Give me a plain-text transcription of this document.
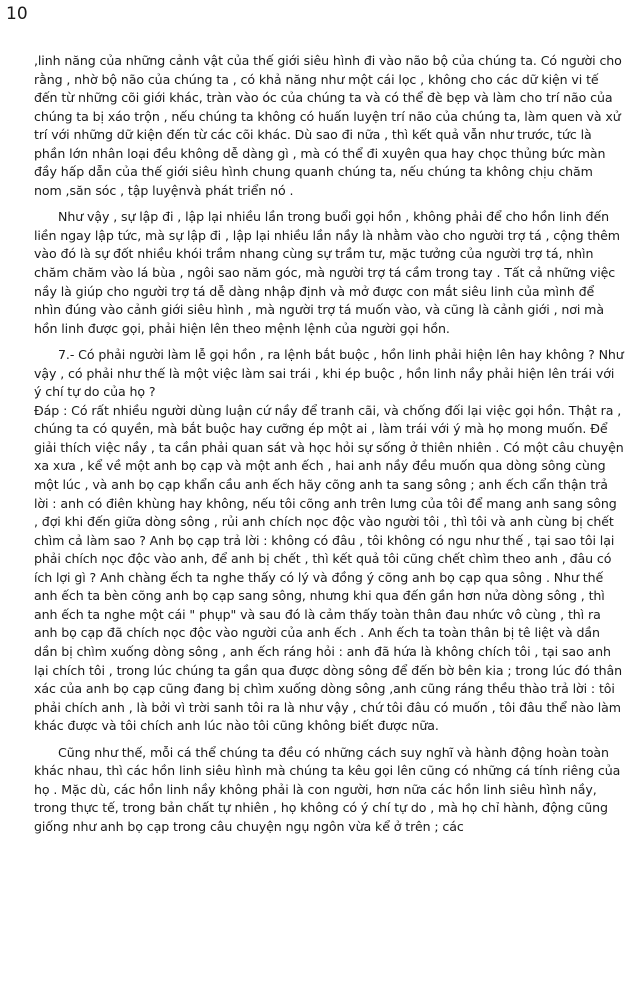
10

,linh năng của những cảnh vật của thế giới siêu hình đi vào não bộ của chúng ta. Có người cho rằng , nhờ bộ não của chúng ta , có khả năng như một cái lọc , không cho các dữ kiện vi tế đến từ những cõi giới khác, tràn vào óc của chúng ta và có thể đè bẹp và làm cho trí não của chúng ta bị xáo trộn , nếu chúng ta không có huấn luyện trí não của chúng ta, làm quen và xử trí với những dữ kiện đến từ các cõi khác. Dù sao đi nữa , thì kết quả vẫn như trước, tức là phần lớn nhân loại đều không dễ dàng gì , mà có thể đi xuyên qua hay chọc thủng bức màn đầy hấp dẫn của thế giới siêu hình chung quanh chúng ta, nếu chúng ta không chịu chăm nom ,săn sóc , tập luyệnvà phát triển nó .

Như vậy , sự lập đi , lập lại nhiều lần trong buổi gọi hồn , không phải để cho hồn linh đến liền ngay lập tức, mà sự lập đi , lập lại nhiều lần nầy là nhằm vào cho người trợ tá , cộng thêm vào đó là sự đốt nhiều khói trầm nhang cùng sự trầm tư, mặc tưởng của người trợ tá, nhìn chăm chăm vào lá bùa , ngôi sao năm góc, mà người trợ tá cầm trong tay . Tất cả những việc nầy là giúp cho người trợ tá dễ dàng nhập định và mở được con mắt siêu linh của mình để nhìn đúng vào cảnh giới siêu hình , mà người trợ tá muốn vào, và cũng là cảnh giới , nơi mà hồn linh được gọi, phải hiện lên theo mệnh lệnh của người gọi hồn.

7.- Có phải người làm lễ gọi hồn , ra lệnh bắt buộc , hồn linh phải hiện lên hay không ? Như vậy , có phải như thế là một việc làm sai trái , khi ép buộc , hồn linh nầy phải hiện lên trái với ý chí tự do của họ ?

Đáp : Có rất nhiều người dùng luận cứ nầy để tranh cãi, và chống đối lại việc gọi hồn. Thật ra , chúng ta có quyền, mà bắt buộc hay cưỡng ép một ai , làm trái với ý mà họ mong muốn. Để giải thích việc nầy , ta cần phải quan sát và học hỏi sự sống ở thiên nhiên . Có một câu chuyện xa xưa , kể về một anh bọ cạp và một anh ếch , hai anh nầy đều muốn qua dòng sông cùng một lúc , và anh bọ cạp khẩn cầu anh ếch hãy cõng anh ta sang sông ; anh ếch cẩn thận trả lời : anh có điên khùng hay không, nếu tôi cõng anh trên lưng của tôi để mang anh sang sông , đợi khi đến giữa dòng sông , rủi anh chích nọc độc vào người tôi , thì tôi và anh cùng bị chết chìm cả làm sao ? Anh bọ cạp trả lời : không có đâu , tôi không có ngu như thế , tại sao tôi lại phải chích nọc độc vào anh, để anh bị chết , thì kết quả tôi cũng chết chìm theo anh , đâu có ích lợi gì ? Anh chàng ếch ta nghe thấy có lý và đồng ý cõng anh bọ cạp qua sông . Như thế anh ếch ta bèn cõng anh bọ cạp sang sông, nhưng khi qua đến gần hơn nửa dòng sông , thì anh ếch ta nghe một cái " phụp" và sau đó là cảm thấy toàn thân đau nhức vô cùng , thì ra anh bọ cạp đã chích nọc độc vào người của anh ếch . Anh ếch ta toàn thân bị tê liệt và dần dần bị chìm xuống dòng sông , anh ếch ráng hỏi : anh đã hứa là không chích tôi , tại sao anh lại chích tôi , trong lúc chúng ta gần qua được dòng sông để đến bờ bên kia ; trong lúc đó thân xác của anh bọ cạp cũng đang bị chìm xuống dòng sông ,anh cũng ráng thều thào trả lời : tôi phải chích anh , là bởi vì trời sanh tôi ra là như vậy , chứ tôi đâu có muốn , tôi đâu thể nào làm khác được và tôi chích anh lúc nào tôi cũng không biết được nữa.

Cũng như thế, mỗi cá thể chúng ta đều có những cách suy nghĩ và hành động hoàn toàn khác nhau, thì các hồn linh siêu hình mà chúng ta kêu gọi lên cũng có những cá tính riêng của họ . Mặc dù, các hồn linh nầy không phải là con người, hơn nữa các hồn linh siêu hình nầy, trong thực tế, trong bản chất tự nhiên , họ không có ý chí tự do , mà họ chỉ hành, động cũng giống như anh bọ cạp trong câu chuyện ngụ ngôn vừa kể ở trên ; các
